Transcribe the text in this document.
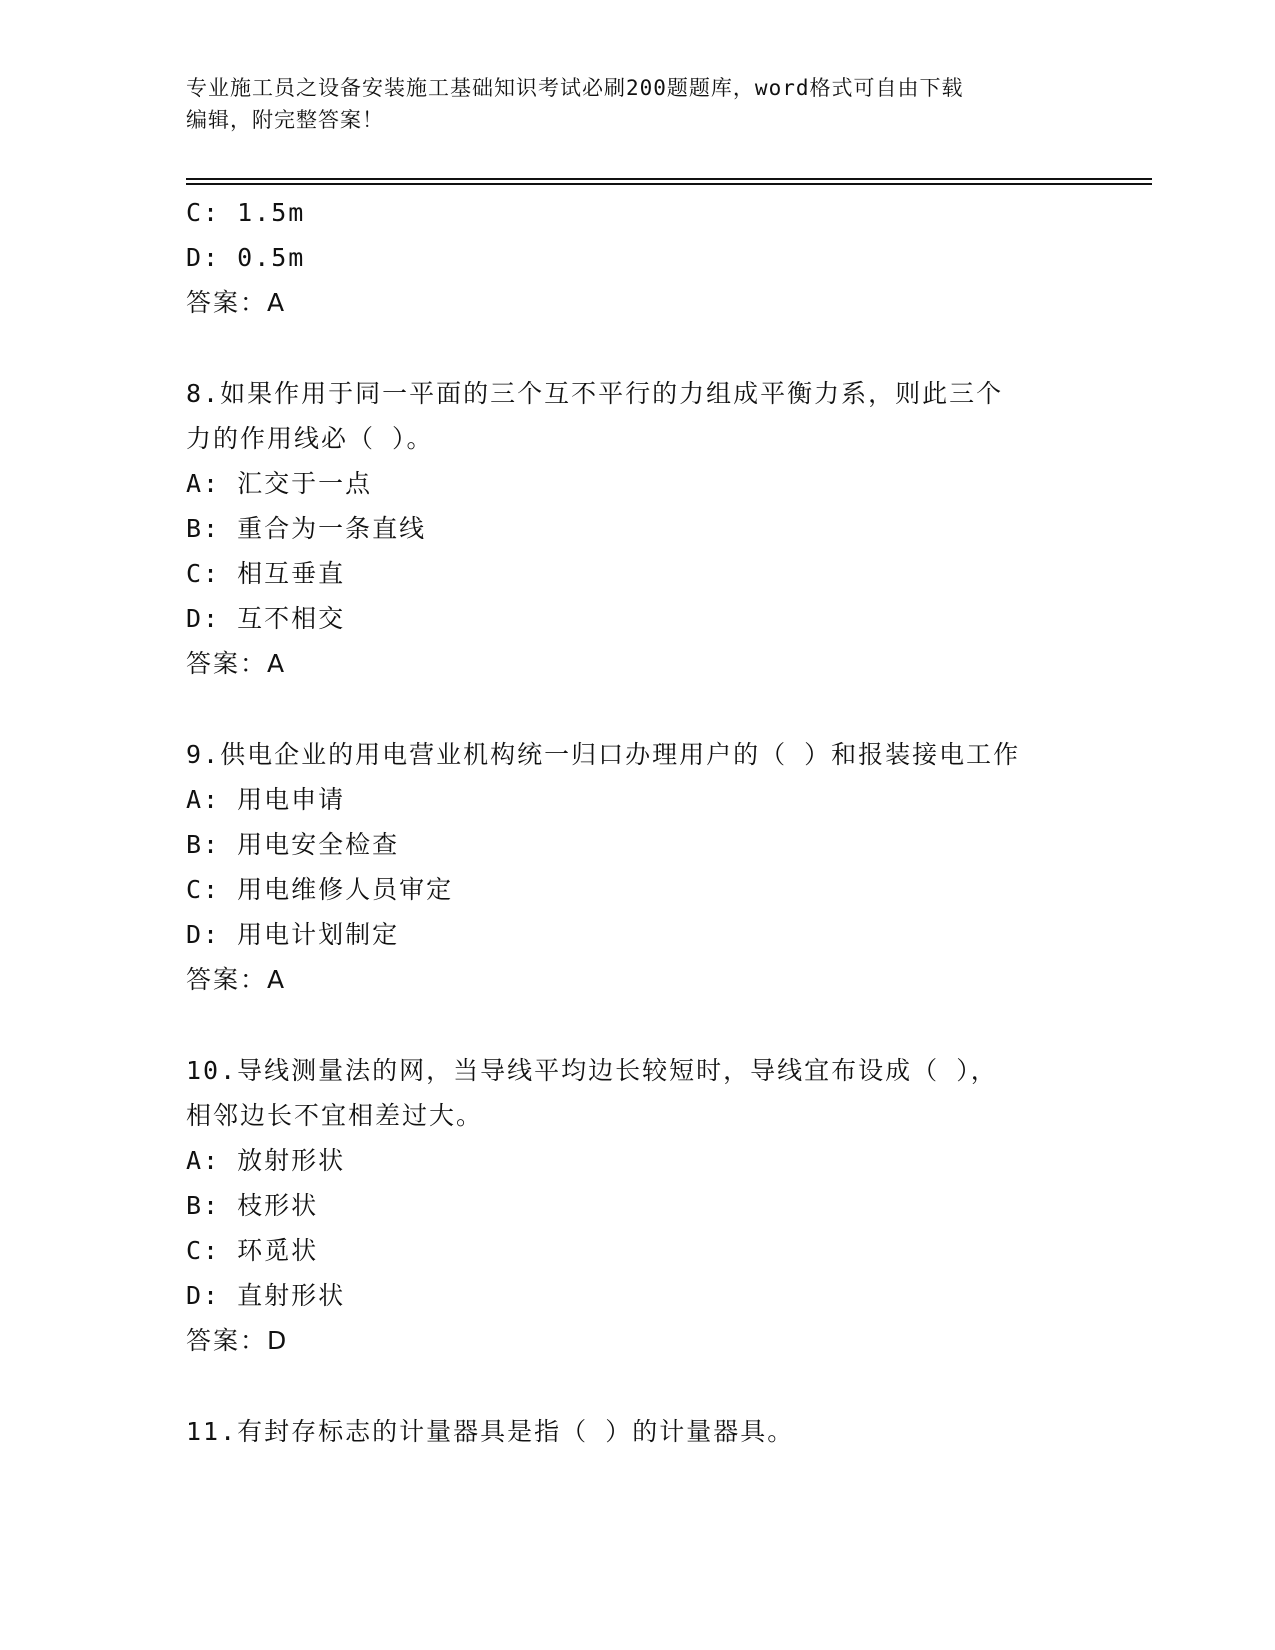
专业施工员之设备安装施工基础知识考试必刷200题题库，word格式可自由下载
编辑，附完整答案！
C: 1.5m
D: 0.5m
答案：A
8.如果作用于同一平面的三个互不平行的力组成平衡力系，则此三个
力的作用线必（ ）。
A: 汇交于一点
B: 重合为一条直线
C: 相互垂直
D: 互不相交
答案：A
9.供电企业的用电营业机构统一归口办理用户的（ ）和报装接电工作
A: 用电申请
B: 用电安全检查
C: 用电维修人员审定
D: 用电计划制定
答案：A
10.导线测量法的网，当导线平均边长较短时，导线宜布设成（ ），
相邻边长不宜相差过大。
A: 放射形状
B: 枝形状
C: 环觅状
D: 直射形状
答案：D
11.有封存标志的计量器具是指（ ）的计量器具。
